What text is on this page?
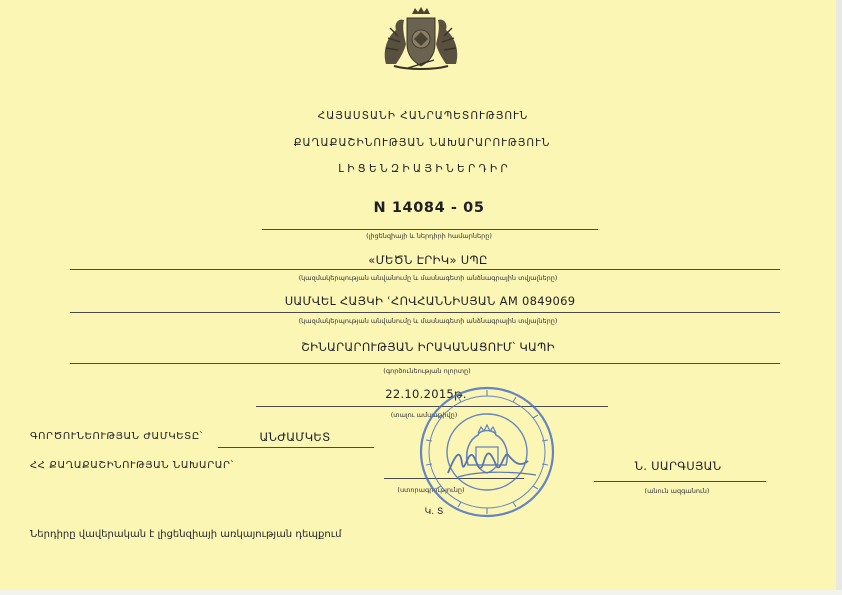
ՀԱՅԱՍՏԱՆԻ ՀԱՆՐԱՊԵՏՈՒԹՅՈՒՆ
ՔԱՂԱՔԱՇԻՆՈՒԹՅԱՆ ՆԱԽԱՐԱՐՈՒԹՅՈՒՆ
Լ Ի Ց Ե Ն Զ Ի Ա Յ Ի Ն Ե Ր Դ Ի Ր
N 14084 - 05
(լիցենզիայի և ներդիրի համարները)
«ՄԵԾՆ ԷՐԻԿ» ՍՊԸ
(կազմակերպության անվանումը և մասնագետի անձնագրային տվյալները)
ՍԱՄՎԵԼ ՀԱՅԿԻ ՙՀՈՎՀԱՆՆԻՍՅԱՆ AM 0849069
(կազմակերպության անվանումը և մասնագետի անձնագրային տվյալները)
ՇԻՆԱՐԱՐՈՒԹՅԱՆ ԻՐԱԿԱՆԱՑՈՒՄ՝ ԿԱՊԻ
(գործունեության ոլորտը)
22.10.2015թ.
(տալու ամսաթիվը)
ԳՈՐԾՈՒՆԵՈՒԹՅԱՆ ԺԱՄԿԵՏԸ՝	ԱՆԺԱՄԿԵՏ
ՀՀ ՔԱՂԱՔԱՇԻՆՈՒԹՅԱՆ ՆԱԽԱՐԱՐ՝	Ն. ՍԱՐԳՍՅԱՆ
(ստորագրությունը)	(անուն ազգանուն)
Կ. Տ
Ներդիրը վավերական է լիցենզիայի առկայության դեպքում
